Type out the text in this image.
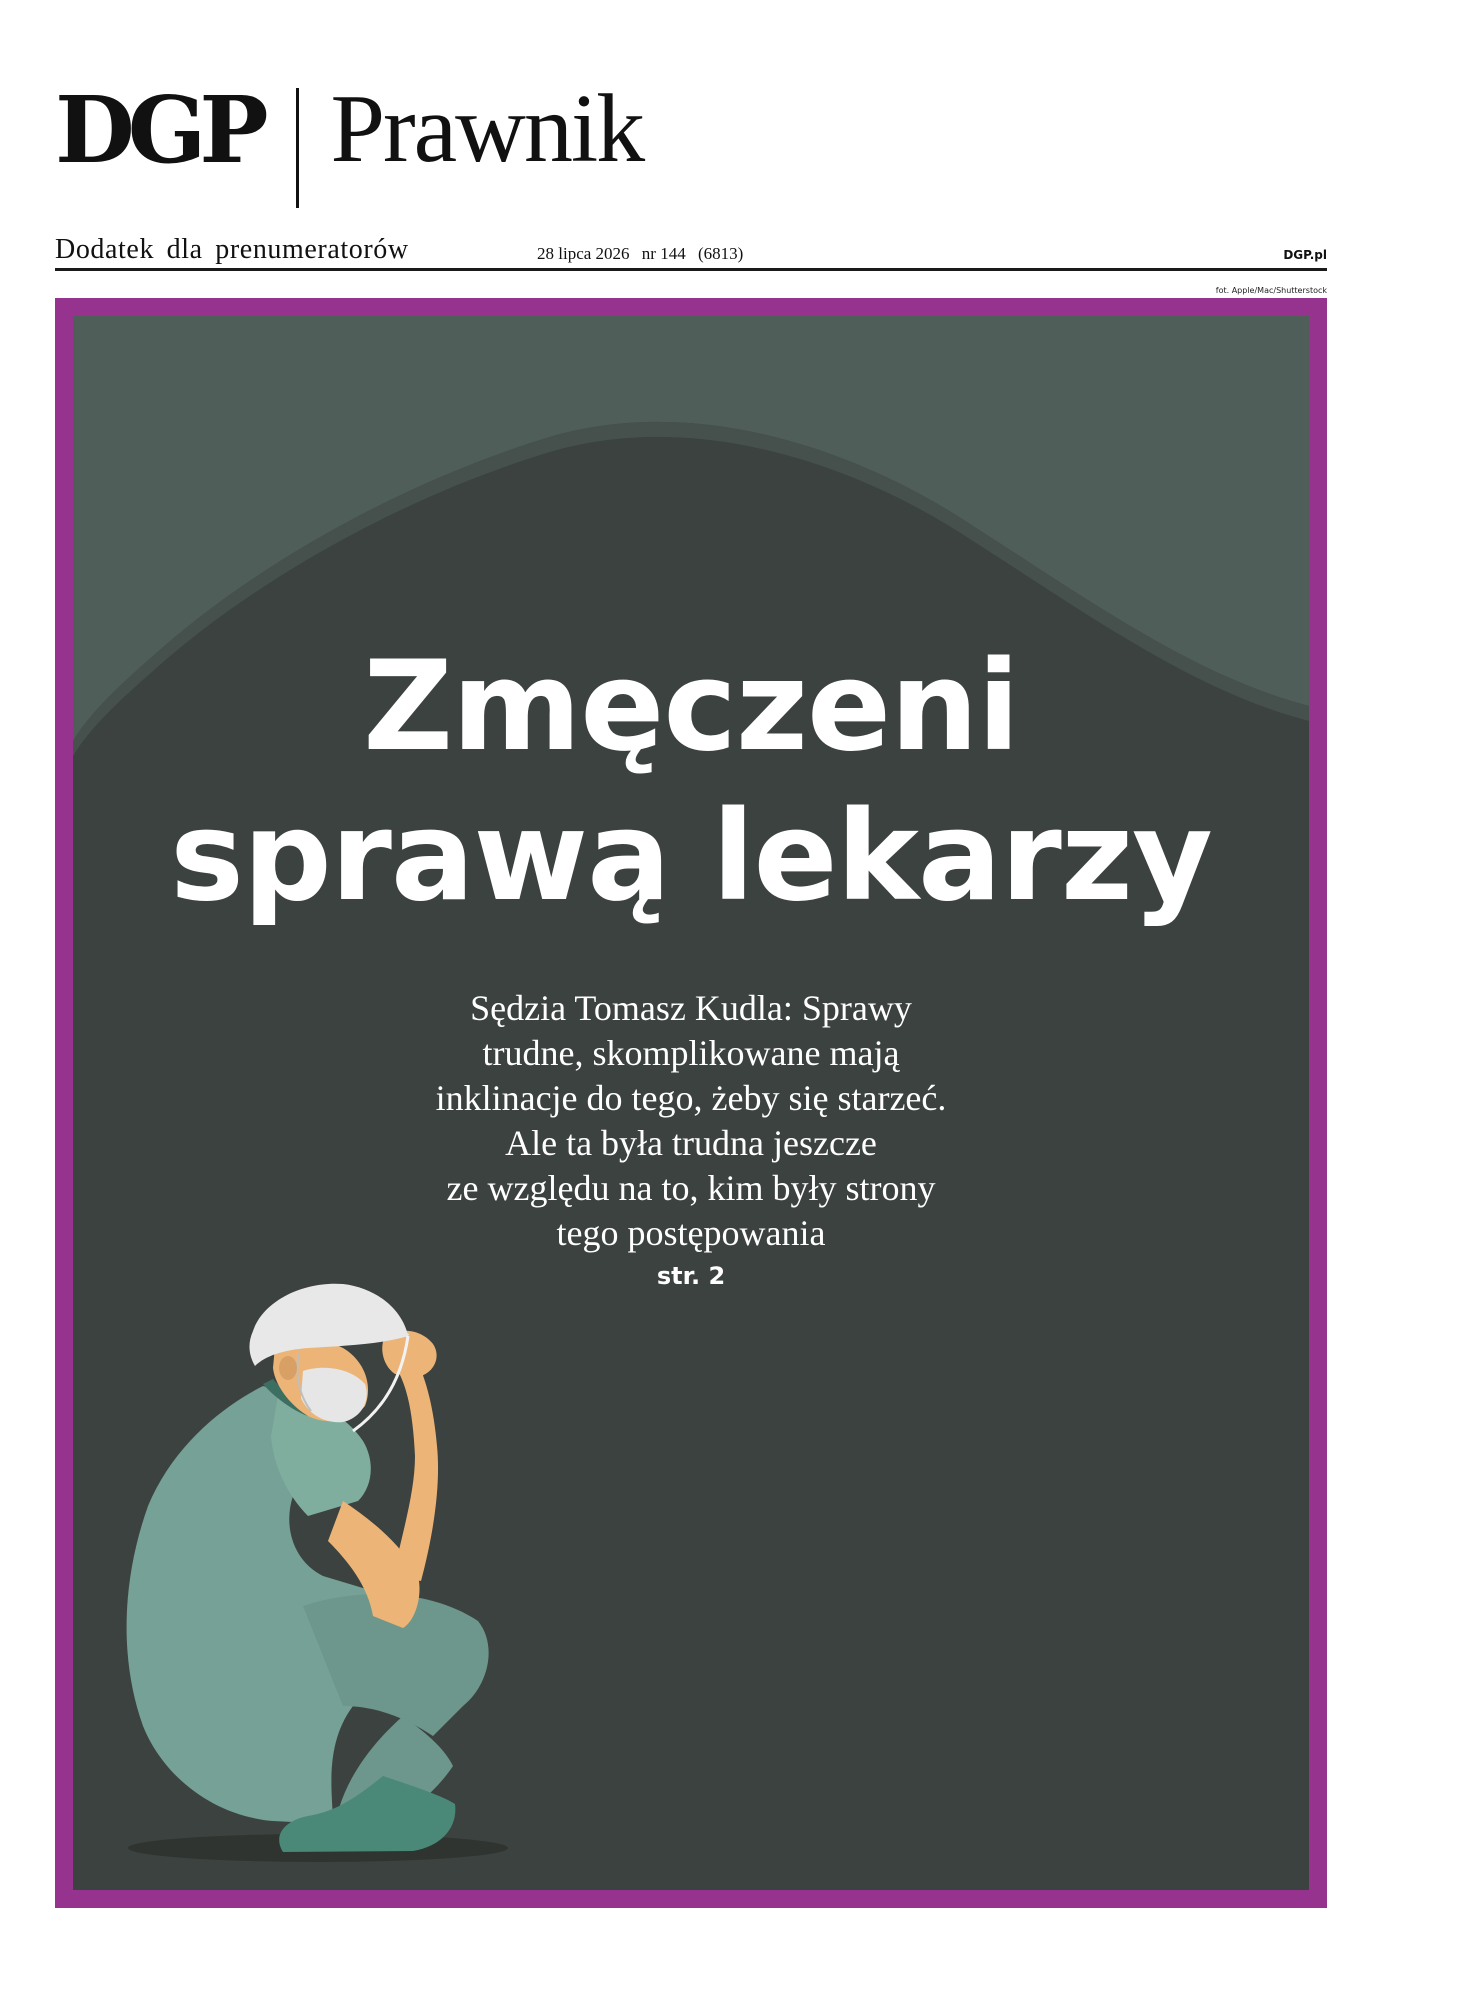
DGP Prawnik
Dodatek dla prenumeratorów	28 lipca 2026 nr 144 (6813)	DGP.pl
fot. Apple/Mac/Shutterstock
Zmęczeni
sprawą lekarzy
Sędzia Tomasz Kudla: Sprawy
trudne, skomplikowane mają
inklinacje do tego, żeby się starzeć.
Ale ta była trudna jeszcze
ze względu na to, kim były strony
tego postępowania
str. 2
